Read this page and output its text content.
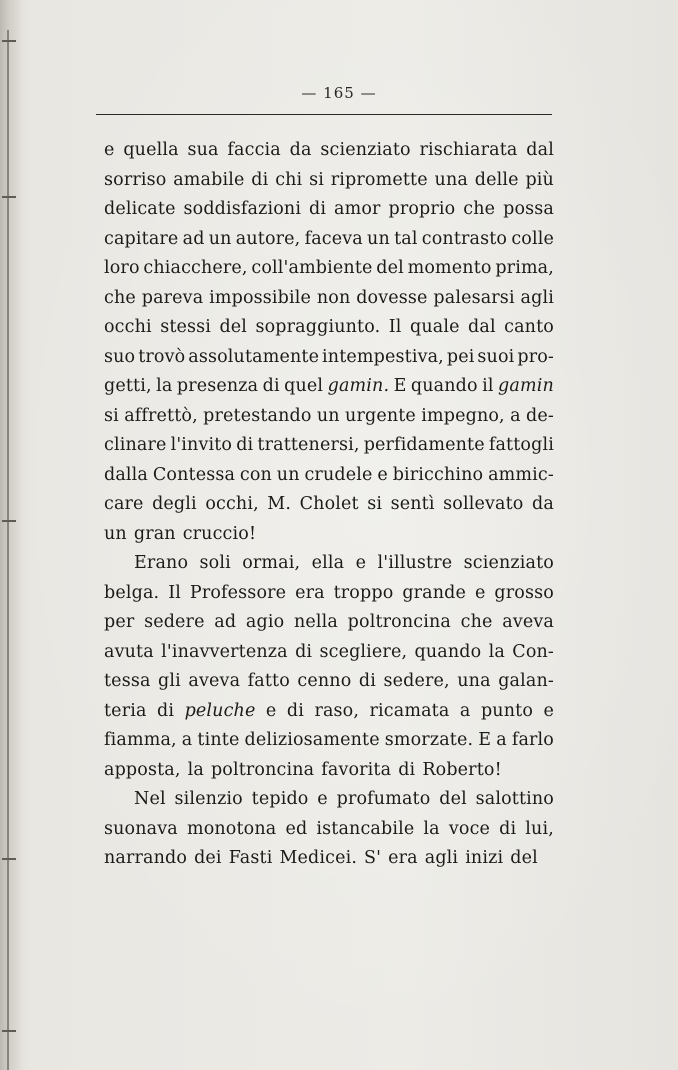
— 165 —
e quella sua faccia da scienziato rischiarata dal
sorriso amabile di chi si ripromette una delle più
delicate soddisfazioni di amor proprio che possa
capitare ad un autore, faceva un tal contrasto colle
loro chiacchere, coll'ambiente del momento prima,
che pareva impossibile non dovesse palesarsi agli
occhi stessi del sopraggiunto. Il quale dal canto
suo trovò assolutamente intempestiva, pei suoi pro-
getti, la presenza di quel gamin. E quando il gamin
si affrettò, pretestando un urgente impegno, a de-
clinare l'invito di trattenersi, perfidamente fattogli
dalla Contessa con un crudele e biricchino ammic-
care degli occhi, M. Cholet si sentì sollevato da
un gran cruccio!
Erano soli ormai, ella e l'illustre scienziato
belga. Il Professore era troppo grande e grosso
per sedere ad agio nella poltroncina che aveva
avuta l'inavvertenza di scegliere, quando la Con-
tessa gli aveva fatto cenno di sedere, una galan-
teria di peluche e di raso, ricamata a punto e
fiamma, a tinte deliziosamente smorzate. E a farlo
apposta, la poltroncina favorita di Roberto!
Nel silenzio tepido e profumato del salottino
suonava monotona ed istancabile la voce di lui,
narrando dei Fasti Medicei. S' era agli inizi del
